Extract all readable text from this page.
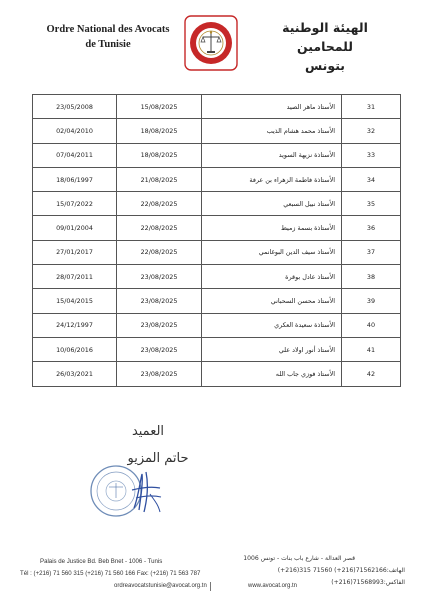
Ordre National des Avocats
de Tunisie
الهيئة الوطنية للمحامين
بتونس
23/05/2008	15/08/2025	الأستاذ ماهر الصيد	31
02/04/2010	18/08/2025	الأستاذ محمد هشام الذيب	32
07/04/2011	18/08/2025	الأستاذة نزيهة السويد	33
18/06/1997	21/08/2025	الأستاذة فاطمة الزهراء بن عرفة	34
15/07/2022	22/08/2025	الأستاذ نبيل السبعي	35
09/01/2004	22/08/2025	الأستاذة بسمة زميط	36
27/01/2017	22/08/2025	الأستاذ سيف الدين البوغانمي	37
28/07/2011	23/08/2025	الأستاذ عادل بوقرة	38
15/04/2015	23/08/2025	الأستاذ محسن السحباني	39
24/12/1997	23/08/2025	الأستاذة سعيدة العكري	40
10/06/2016	23/08/2025	الأستاذ أنور اولاد علي	41
26/03/2021	23/08/2025	الأستاذ فوزي جاب الله	42
العميد
حاتم المزيو
Palais de Justice Bd. Beb Bnet - 1006 - Tunis
Tél : (+216) 71 560 315 (+216) 71 560 166 Fax: (+216) 71 563 787
قصر العدالة - شارع باب بنات - تونس 1006
الهاتف:71562166(216+) 71560 315(216+) الفاكس:71568993(216+)
ordreavocatstunisie@avocat.org.tn	www.avocat.org.tn
